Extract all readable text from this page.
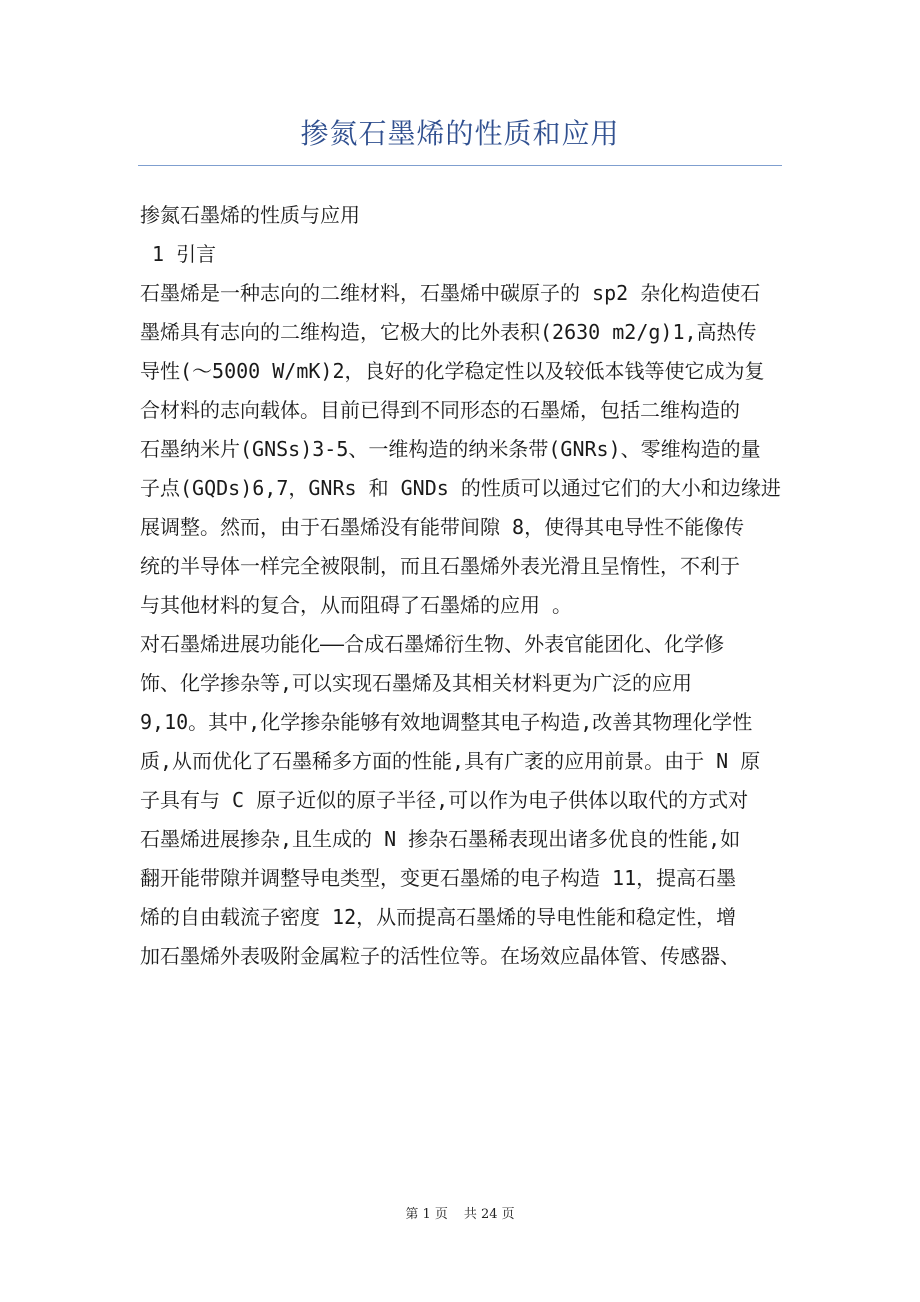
掺氮石墨烯的性质和应用
掺氮石墨烯的性质与应用
1 引言
石墨烯是一种志向的二维材料，石墨烯中碳原子的 sp2 杂化构造使石
墨烯具有志向的二维构造，它极大的比外表积(2630 m2/g)1,高热传
导性(～5000 W/mK)2，良好的化学稳定性以及较低本钱等使它成为复
合材料的志向载体。目前已得到不同形态的石墨烯，包括二维构造的
石墨纳米片(GNSs)3-5、一维构造的纳米条带(GNRs)、零维构造的量
子点(GQDs)6,7，GNRs 和 GNDs 的性质可以通过它们的大小和边缘进
展调整。然而，由于石墨烯没有能带间隙 8，使得其电导性不能像传
统的半导体一样完全被限制，而且石墨烯外表光滑且呈惰性，不利于
与其他材料的复合，从而阻碍了石墨烯的应用 。
对石墨烯进展功能化——合成石墨烯衍生物、外表官能团化、化学修
饰、化学掺杂等,可以实现石墨烯及其相关材料更为广泛的应用
9,10。其中,化学掺杂能够有效地调整其电子构造,改善其物理化学性
质,从而优化了石墨稀多方面的性能,具有广袤的应用前景。由于 N 原
子具有与 C 原子近似的原子半径,可以作为电子供体以取代的方式对
石墨烯进展掺杂,且生成的 N 掺杂石墨稀表现出诸多优良的性能,如
翻开能带隙并调整导电类型，变更石墨烯的电子构造 11，提高石墨
烯的自由载流子密度 12，从而提高石墨烯的导电性能和稳定性，增
加石墨烯外表吸附金属粒子的活性位等。在场效应晶体管、传感器、
第 1 页 共 24 页
